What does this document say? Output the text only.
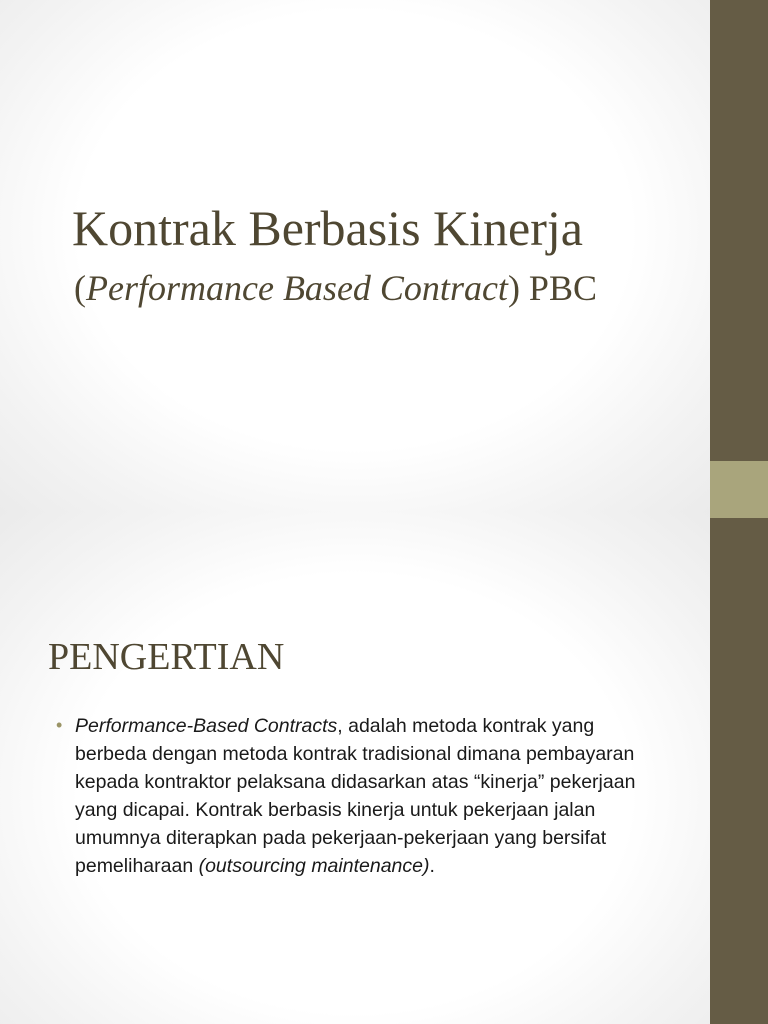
Kontrak Berbasis Kinerja
(Performance Based Contract) PBC
PENGERTIAN
• Performance-Based Contracts, adalah metoda kontrak yang berbeda dengan metoda kontrak tradisional dimana pembayaran kepada kontraktor pelaksana didasarkan atas “kinerja” pekerjaan yang dicapai. Kontrak berbasis kinerja untuk pekerjaan jalan umumnya diterapkan pada pekerjaan-pekerjaan yang bersifat pemeliharaan (outsourcing maintenance).
